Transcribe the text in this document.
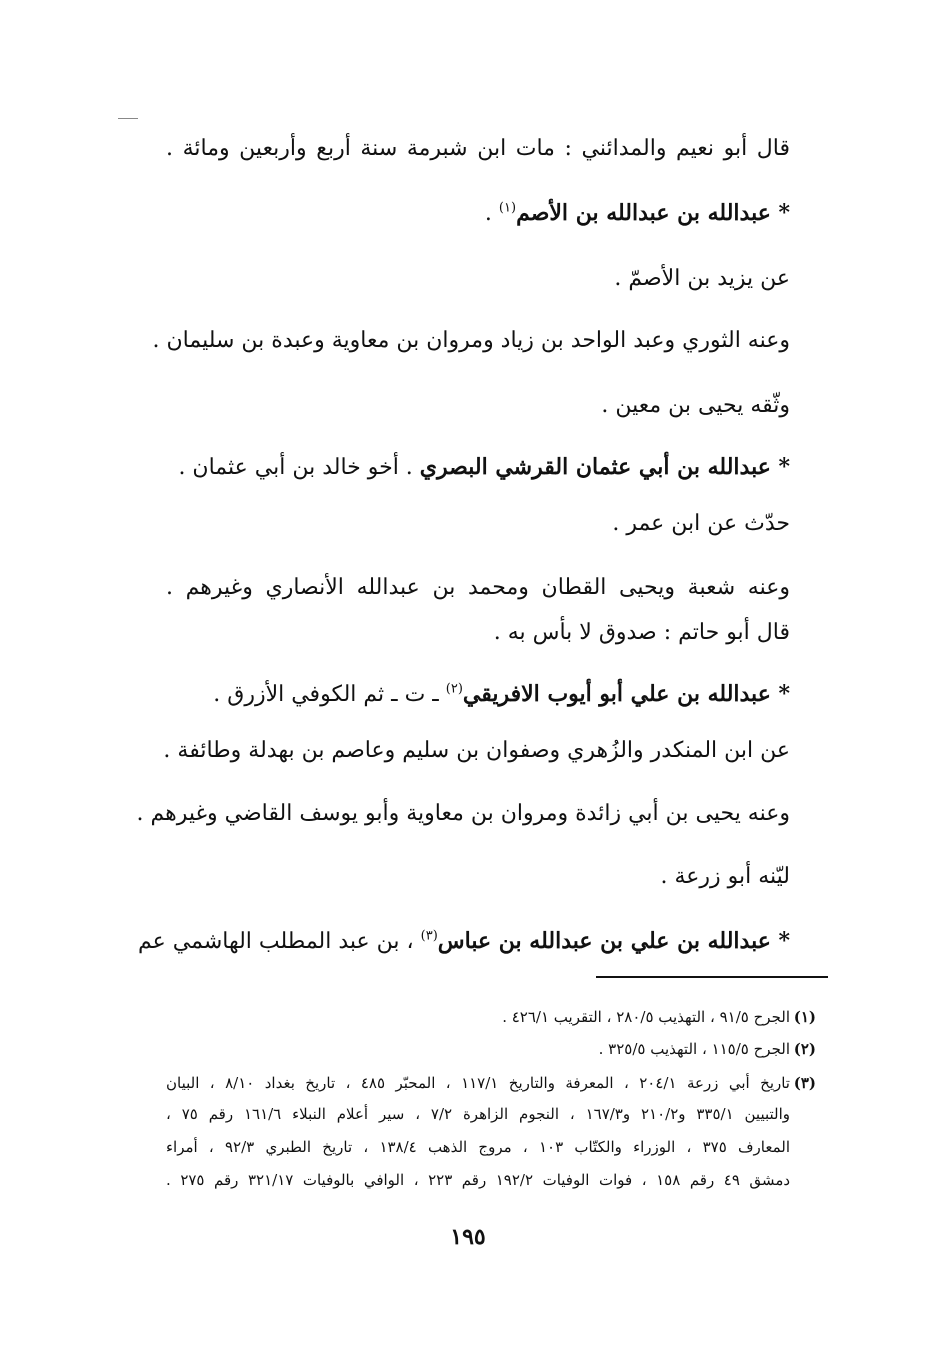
قال أبو نعيم والمدائني : مات ابن شبرمة سنة أربع وأربعين ومائة .
* عبدالله بن عبدالله بن الأصم$^{(١)}$ .
عن يزيد بن الأصمّ .
وعنه الثوري وعبد الواحد بن زياد ومروان بن معاوية وعبدة بن سليمان .
وثّقه يحيى بن معين .
* عبدالله بن أبي عثمان القرشي البصري . أخو خالد بن أبي عثمان .
حدّث عن ابن عمر .
وعنه شعبة ويحيى القطان ومحمد بن عبدالله الأنصاري وغيرهم .
قال أبو حاتم : صدوق لا بأس به .
* عبدالله بن علي أبو أيوب الافريقي$^{(٢)}$ ـ ت ـ ثم الكوفي الأزرق .
عن ابن المنكدر والزُهري وصفوان بن سليم وعاصم بن بهدلة وطائفة .
وعنه يحيى بن أبي زائدة ومروان بن معاوية وأبو يوسف القاضي وغيرهم .
ليّنه أبو زرعة .
* عبدالله بن علي بن عبدالله بن عباس$^{(٣)}$ ، بن عبد المطلب الهاشمي عم
(١)
الجرح ٩١/٥ ، التهذيب ٢٨٠/٥ ، التقريب ٤٢٦/١ .
(٢)
الجرح ١١٥/٥ ، التهذيب ٣٢٥/٥ .
(٣)
تاريخ أبي زرعة ٢٠٤/١ ، المعرفة والتاريخ ١١٧/١ ، المحبّر ٤٨٥ ، تاريخ بغداد ٨/١٠ ، البيان
والتبيين ٣٣٥/١ و٢١٠/٢ و١٦٧/٣ ، النجوم الزاهرة ٧/٢ ، سير أعلام النبلاء ١٦١/٦ رقم ٧٥ ،
المعارف ٣٧٥ ، الوزراء والكتّاب ١٠٣ ، مروج الذهب ١٣٨/٤ ، تاريخ الطبري ٩٢/٣ ، أمراء
دمشق ٤٩ رقم ١٥٨ ، فوات الوفيات ١٩٢/٢ رقم ٢٢٣ ، الوافي بالوفيات ٣٢١/١٧ رقم ٢٧٥ .
١٩٥
